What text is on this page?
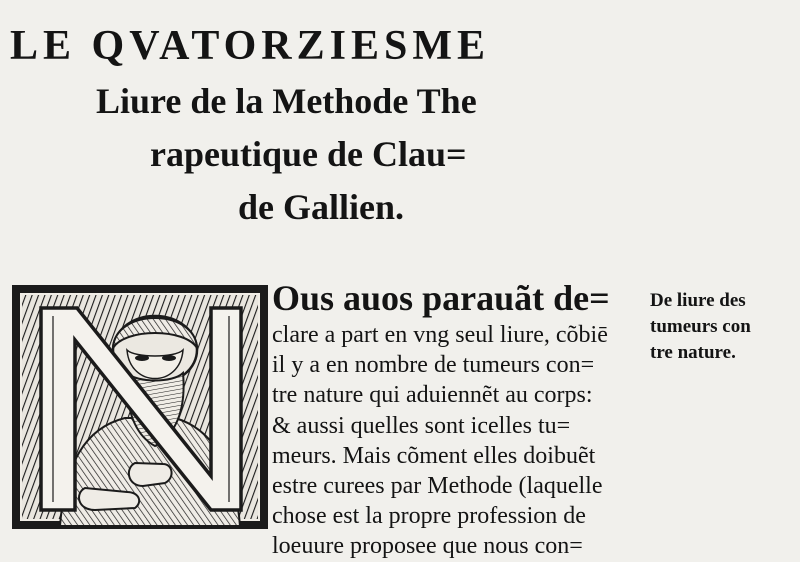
LE QVATORZIESME
Liure de la Methode The
rapeutique de Clau=
de Gallien.
Ous auos parauãt de=
clare a part en vng seul liure, cõbiē
il y a en nombre de tumeurs con=
tre nature qui aduiennẽt au corps:
& aussi quelles sont icelles tu=
meurs. Mais cõment elles doibuẽt
estre curees par Methode (laquelle
chose est la propre profession de
loeuure proposee que nous con=
De liure des
tumeurs con
tre nature.
